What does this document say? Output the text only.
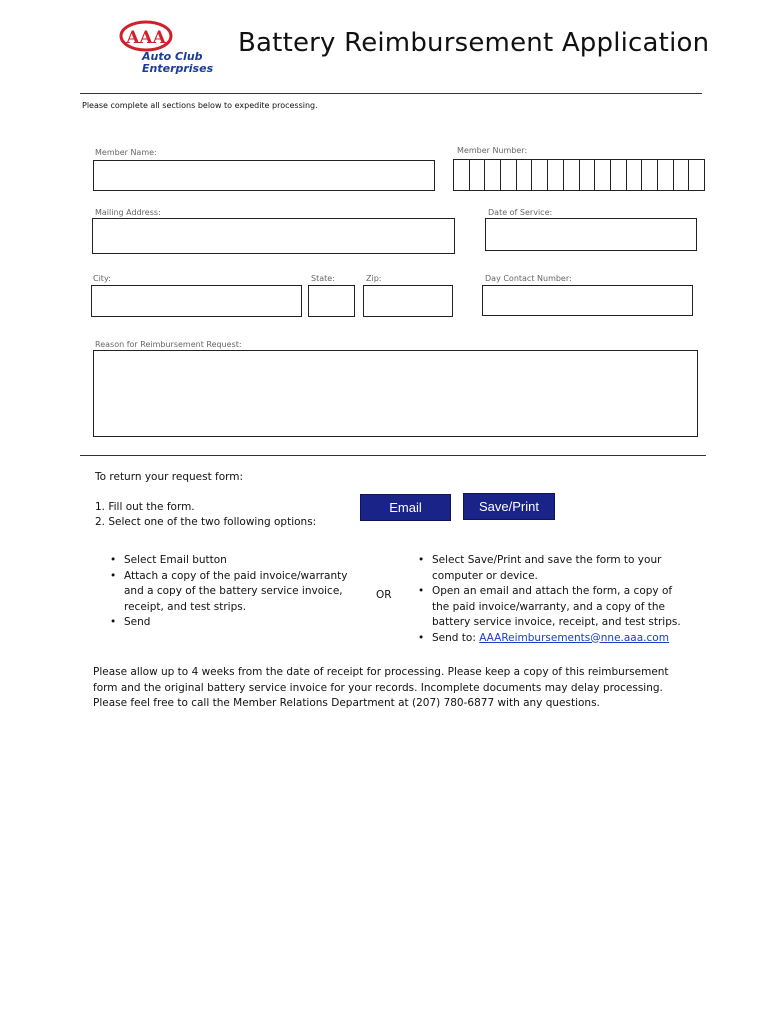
AAA
Auto Club
Enterprises
Battery Reimbursement Application
Please complete all sections below to expedite processing.
Member Name:	Member Number:
Mailing Address:	Date of Service:
City:	State:	Zip:	Day Contact Number:
Reason for Reimbursement Request:
To return your request form:
1. Fill out the form.
2. Select one of the two following options:
Email	Save/Print
• Select Email button
• Attach a copy of the paid invoice/warranty and a copy of the battery service invoice, receipt, and test strips.
• Send
OR
• Select Save/Print and save the form to your computer or device.
• Open an email and attach the form, a copy of the paid invoice/warranty, and a copy of the battery service invoice, receipt, and test strips.
• Send to: AAAReimbursements@nne.aaa.com
Please allow up to 4 weeks from the date of receipt for processing. Please keep a copy of this reimbursement form and the original battery service invoice for your records. Incomplete documents may delay processing. Please feel free to call the Member Relations Department at (207) 780-6877 with any questions.
